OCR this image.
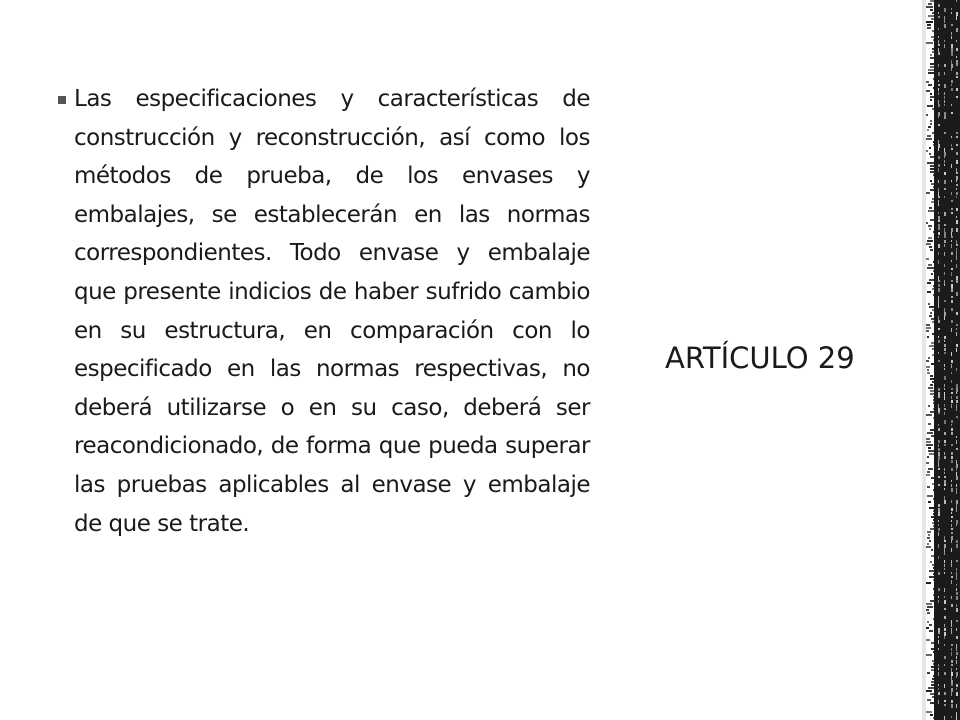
Las especificaciones y características de construcción y reconstrucción, así como los métodos de prueba, de los envases y embalajes, se establecerán en las normas correspondientes. Todo envase y embalaje que presente indicios de haber sufrido cambio en su estructura, en comparación con lo especificado en las normas respectivas, no deberá utilizarse o en su caso, deberá ser reacondicionado, de forma que pueda superar las pruebas aplicables al envase y embalaje de que se trate.

ARTÍCULO 29
